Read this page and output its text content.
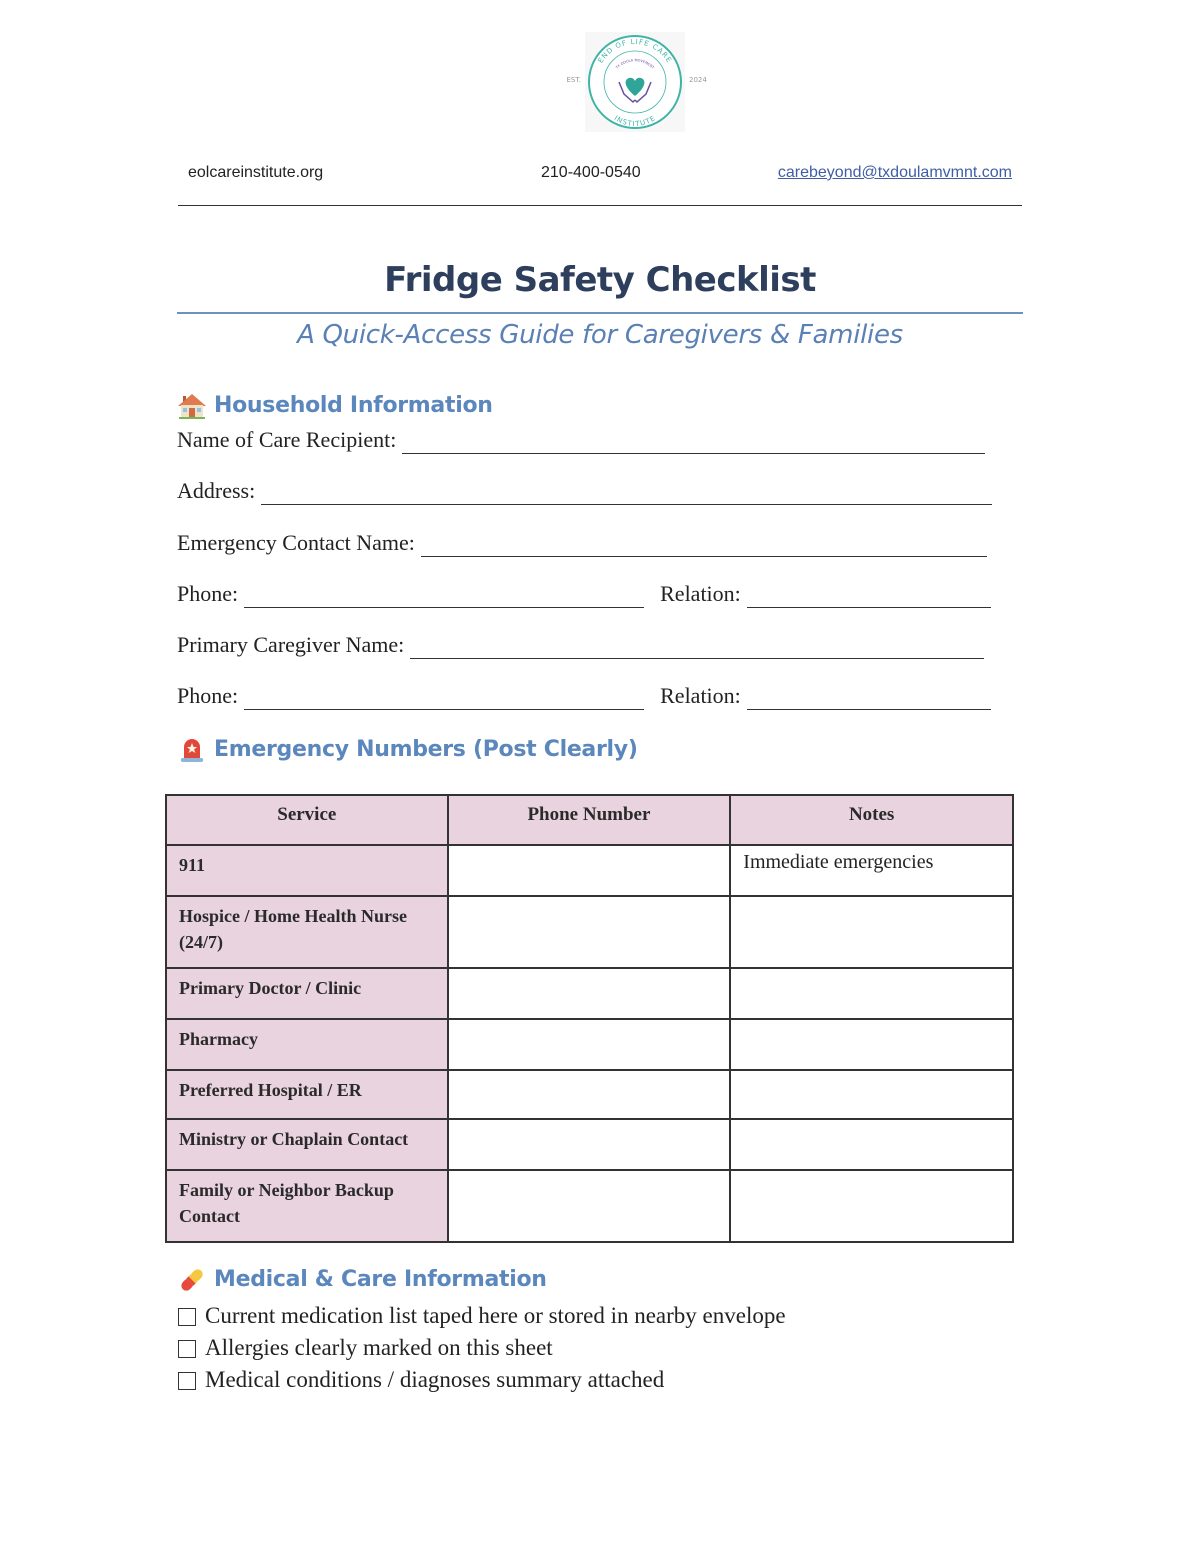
END OF LIFE CARE
INSTITUTE
TX DOULA MOVEMENT
EST.	2024
eolcareinstitute.org	210-400-0540	carebeyond@txdoulamvmnt.com
Fridge Safety Checklist
A Quick-Access Guide for Caregivers & Families
Household Information
Name of Care Recipient:
Address:
Emergency Contact Name:
Phone:	Relation:
Primary Caregiver Name:
Phone:	Relation:
Emergency Numbers (Post Clearly)
Service	Phone Number	Notes
911		Immediate emergencies
Hospice / Home Health Nurse (24/7)		
Primary Doctor / Clinic		
Pharmacy		
Preferred Hospital / ER		
Ministry or Chaplain Contact		
Family or Neighbor Backup Contact		
Medical & Care Information
Current medication list taped here or stored in nearby envelope
Allergies clearly marked on this sheet
Medical conditions / diagnoses summary attached
